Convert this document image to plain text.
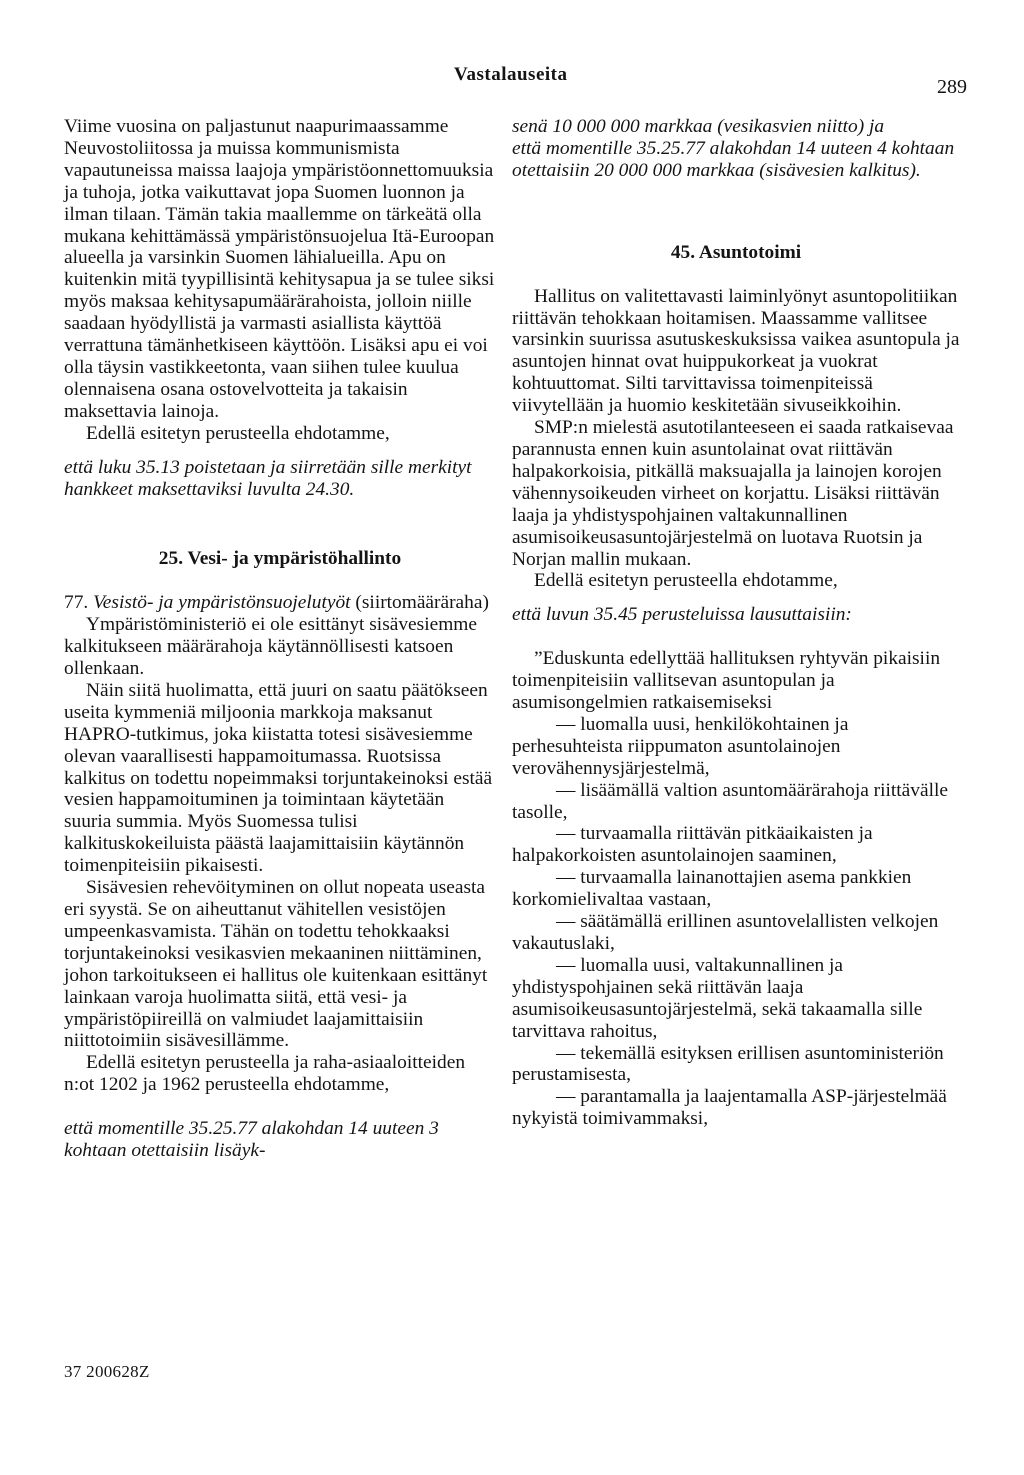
Vastalauseita
289

Viime vuosina on paljastunut naapurimaassamme Neuvostoliitossa ja muissa kommunismista vapautuneissa maissa laajoja ympäristöonnettomuuksia ja tuhoja, jotka vaikuttavat jopa Suomen luonnon ja ilman tilaan. Tämän takia maallemme on tärkeätä olla mukana kehittämässä ympäristönsuojelua Itä-Euroopan alueella ja varsinkin Suomen lähialueilla. Apu on kuitenkin mitä tyypillisintä kehitysapua ja se tulee siksi myös maksaa kehitysapumäärärahoista, jolloin niille saadaan hyödyllistä ja varmasti asiallista käyttöä verrattuna tämänhetkiseen käyttöön. Lisäksi apu ei voi olla täysin vastikkeetonta, vaan siihen tulee kuulua olennaisena osana ostovelvotteita ja takaisin maksettavia lainoja.

Edellä esitetyn perusteella ehdotamme,

että luku 35.13 poistetaan ja siirretään sille merkityt hankkeet maksettaviksi luvulta 24.30.

25. Vesi- ja ympäristöhallinto

77. Vesistö- ja ympäristönsuojelutyöt (siirtomääräraha)

Ympäristöministeriö ei ole esittänyt sisävesiemme kalkitukseen määrärahoja käytännöllisesti katsoen ollenkaan.

Näin siitä huolimatta, että juuri on saatu päätökseen useita kymmeniä miljoonia markkoja maksanut HAPRO-tutkimus, joka kiistatta totesi sisävesiemme olevan vaarallisesti happamoitumassa. Ruotsissa kalkitus on todettu nopeimmaksi torjuntakeinoksi estää vesien happamoituminen ja toimintaan käytetään suuria summia. Myös Suomessa tulisi kalkituskokeiluista päästä laajamittaisiin käytännön toimenpiteisiin pikaisesti.

Sisävesien rehevöityminen on ollut nopeata useasta eri syystä. Se on aiheuttanut vähitellen vesistöjen umpeenkasvamista. Tähän on todettu tehokkaaksi torjuntakeinoksi vesikasvien mekaaninen niittäminen, johon tarkoitukseen ei hallitus ole kuitenkaan esittänyt lainkaan varoja huolimatta siitä, että vesi- ja ympäristöpiireillä on valmiudet laajamittaisiin niittotoimiin sisävesillämme.

Edellä esitetyn perusteella ja raha-asiaaloitteiden n:ot 1202 ja 1962 perusteella ehdotamme,

että momentille 35.25.77 alakohdan 14 uuteen 3 kohtaan otettaisiin lisäyk-

senä 10 000 000 markkaa (vesikasvien niitto) ja

että momentille 35.25.77 alakohdan 14 uuteen 4 kohtaan otettaisiin 20 000 000 markkaa (sisävesien kalkitus).

45. Asuntotoimi

Hallitus on valitettavasti laiminlyönyt asuntopolitiikan riittävän tehokkaan hoitamisen. Maassamme vallitsee varsinkin suurissa asutuskeskuksissa vaikea asuntopula ja asuntojen hinnat ovat huippukorkeat ja vuokrat kohtuuttomat. Silti tarvittavissa toimenpiteissä viivytellään ja huomio keskitetään sivuseikkoihin.

SMP:n mielestä asutotilanteeseen ei saada ratkaisevaa parannusta ennen kuin asuntolainat ovat riittävän halpakorkoisia, pitkällä maksuajalla ja lainojen korojen vähennysoikeuden virheet on korjattu. Lisäksi riittävän laaja ja yhdistyspohjainen valtakunnallinen asumisoikeusasuntojärjestelmä on luotava Ruotsin ja Norjan mallin mukaan.

Edellä esitetyn perusteella ehdotamme,

että luvun 35.45 perusteluissa lausuttaisiin:

”Eduskunta edellyttää hallituksen ryhtyvän pikaisiin toimenpiteisiin vallitsevan asuntopulan ja asumisongelmien ratkaisemiseksi

— luomalla uusi, henkilökohtainen ja perhesuhteista riippumaton asuntolainojen verovähennysjärjestelmä,

— lisäämällä valtion asuntomäärärahoja riittävälle tasolle,

— turvaamalla riittävän pitkäaikaisten ja halpakorkoisten asuntolainojen saaminen,

— turvaamalla lainanottajien asema pankkien korkomielivaltaa vastaan,

— säätämällä erillinen asuntovelallisten velkojen vakautuslaki,

— luomalla uusi, valtakunnallinen ja yhdistyspohjainen sekä riittävän laaja asumisoikeusasuntojärjestelmä, sekä takaamalla sille tarvittava rahoitus,

— tekemällä esityksen erillisen asuntoministeriön perustamisesta,

— parantamalla ja laajentamalla ASP-järjestelmää nykyistä toimivammaksi,

37 200628Z
